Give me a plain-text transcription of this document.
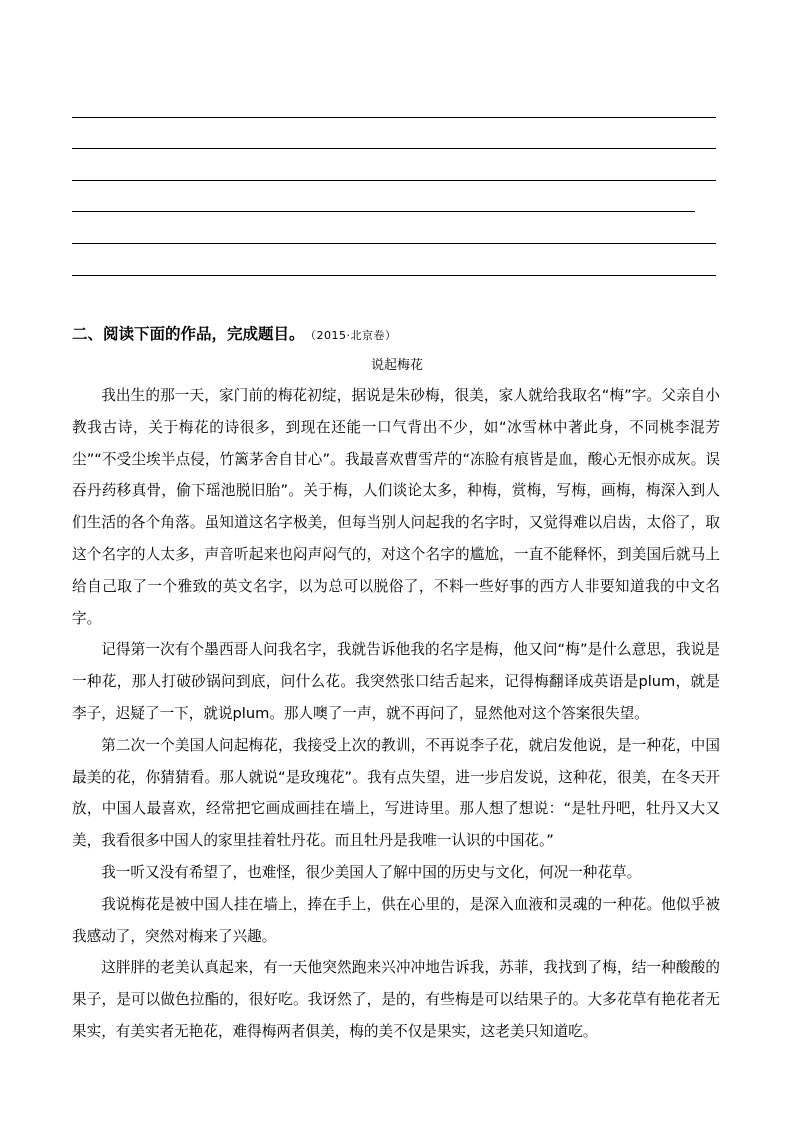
二、阅读下面的作品，完成题目。 （2015·北京卷）
说起梅花

我出生的那一天，家门前的梅花初绽，据说是朱砂梅，很美，家人就给我取名“梅”字。父亲自小教我古诗，关于梅花的诗很多，到现在还能一口气背出不少，如“冰雪林中著此身，不同桃李混芳尘”“不受尘埃半点侵，竹篱茅舍自甘心”。我最喜欢曹雪芹的“冻脸有痕皆是血，酸心无恨亦成灰。误吞丹药移真骨，偷下瑶池脱旧胎”。关于梅，人们谈论太多，种梅，赏梅，写梅，画梅，梅深入到人们生活的各个角落。虽知道这名字极美，但每当别人问起我的名字时，又觉得难以启齿，太俗了，取这个名字的人太多，声音听起来也闷声闷气的，对这个名字的尴尬，一直不能释怀，到美国后就马上给自己取了一个雅致的英文名字，以为总可以脱俗了，不料一些好事的西方人非要知道我的中文名字。

记得第一次有个墨西哥人问我名字，我就告诉他我的名字是梅，他又问“梅”是什么意思，我说是一种花，那人打破砂锅问到底，问什么花。我突然张口结舌起来，记得梅翻译成英语是plum，就是李子，迟疑了一下，就说plum。那人噢了一声，就不再问了，显然他对这个答案很失望。

第二次一个美国人问起梅花，我接受上次的教训，不再说李子花，就启发他说，是一种花，中国最美的花，你猜猜看。那人就说“是玫瑰花”。我有点失望，进一步启发说，这种花，很美，在冬天开放，中国人最喜欢，经常把它画成画挂在墙上，写进诗里。那人想了想说：“是牡丹吧，牡丹又大又美，我看很多中国人的家里挂着牡丹花。而且牡丹是我唯一认识的中国花。”

我一听又没有希望了，也难怪，很少美国人了解中国的历史与文化，何况一种花草。

我说梅花是被中国人挂在墙上，捧在手上，供在心里的，是深入血液和灵魂的一种花。他似乎被我感动了，突然对梅来了兴趣。

这胖胖的老美认真起来，有一天他突然跑来兴冲冲地告诉我，苏菲，我找到了梅，结一种酸酸的果子，是可以做色拉酯的，很好吃。我讶然了，是的，有些梅是可以结果子的。大多花草有艳花者无果实，有美实者无艳花，难得梅两者俱美，梅的美不仅是果实，这老美只知道吃。
